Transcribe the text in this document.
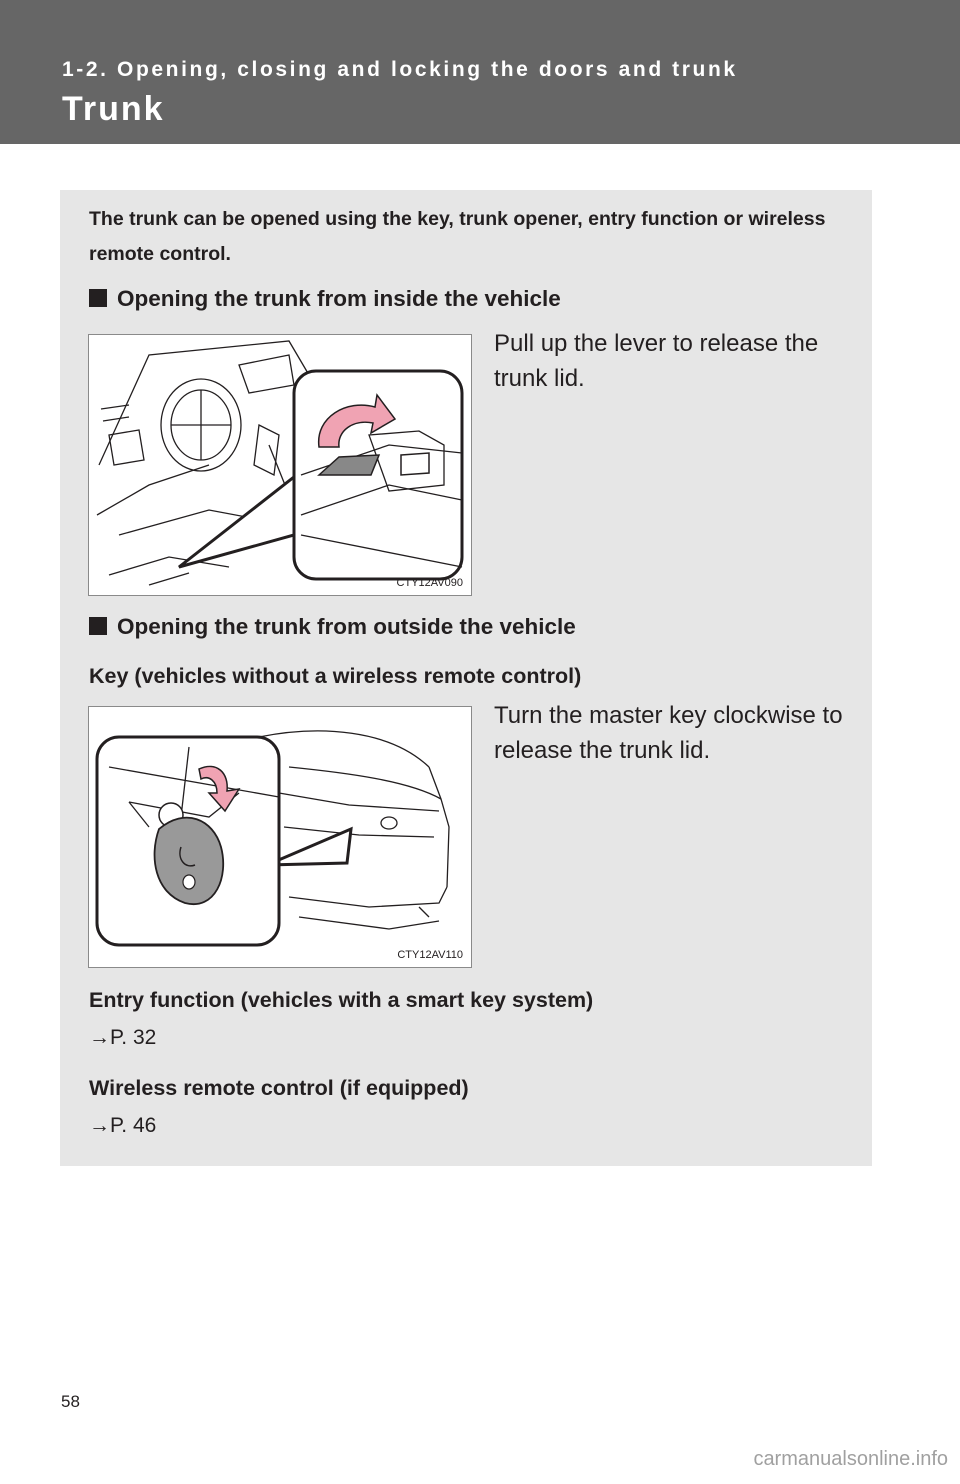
1-2. Opening, closing and locking the doors and trunk
Trunk
The trunk can be opened using the key, trunk opener, entry function or wireless remote control.
Opening the trunk from inside the vehicle
CTY12AV090
Pull up the lever to release the trunk lid.
Opening the trunk from outside the vehicle
Key (vehicles without a wireless remote control)
CTY12AV110
Turn the master key clockwise to release the trunk lid.
Entry function (vehicles with a smart key system)
→P. 32
Wireless remote control (if equipped)
→P. 46
58
carmanualsonline.info
